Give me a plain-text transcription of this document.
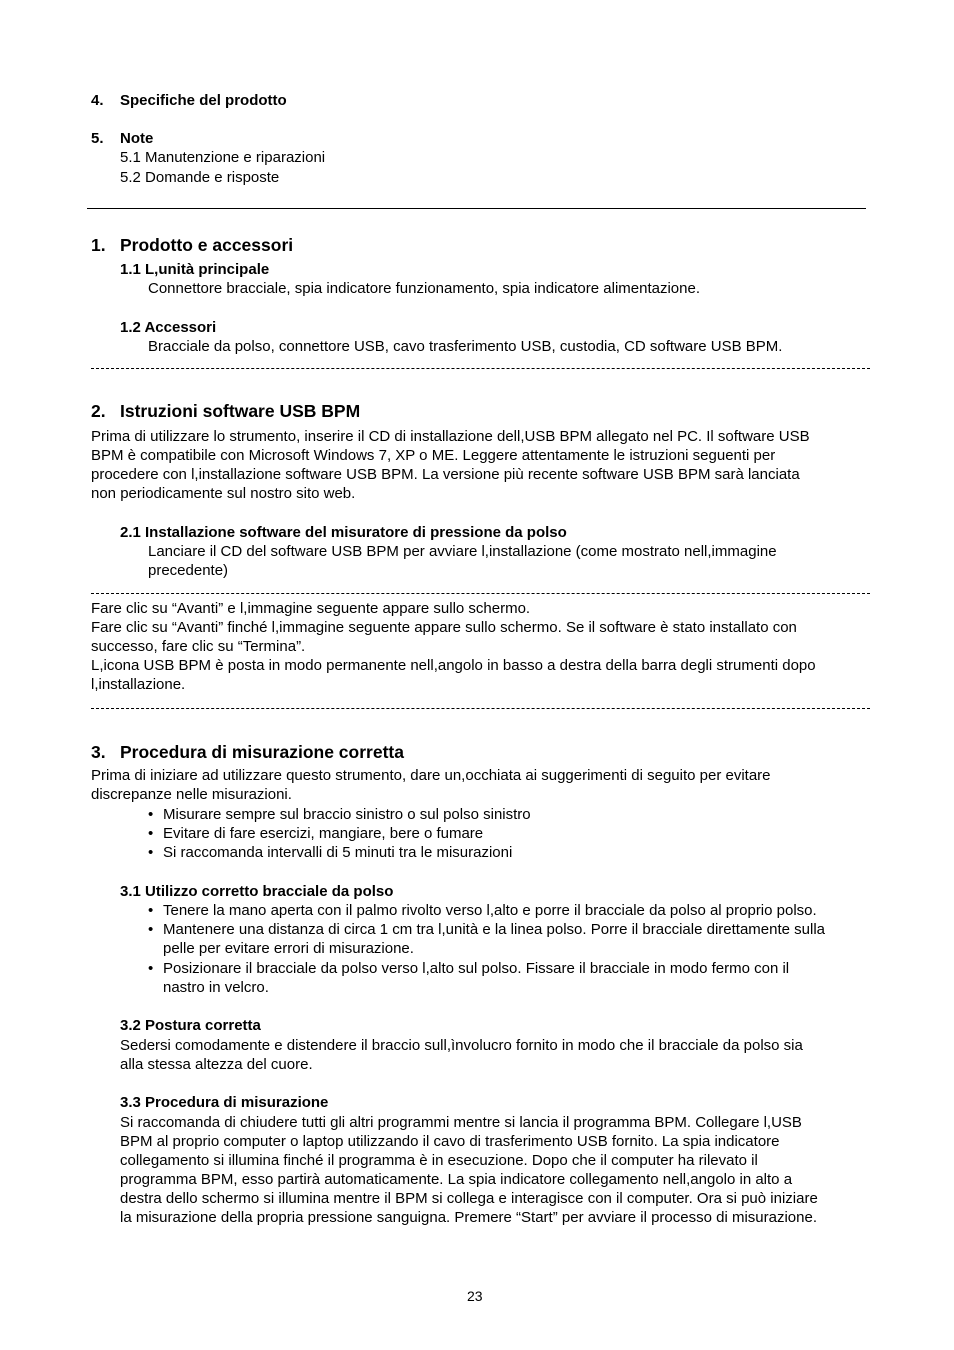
4. Specifiche del prodotto
5. Note
5.1 Manutenzione e riparazioni
5.2 Domande e risposte
1. Prodotto e accessori
1.1 L,unità principale
Connettore bracciale, spia indicatore funzionamento, spia indicatore alimentazione.
1.2 Accessori
Bracciale da polso, connettore USB, cavo trasferimento USB, custodia, CD software USB BPM.
2. Istruzioni software USB BPM
Prima di utilizzare lo strumento, inserire il CD di installazione dell,USB BPM allegato nel PC. Il software USB
BPM è compatibile con Microsoft Windows 7, XP o ME. Leggere attentamente le istruzioni seguenti per
procedere con l,installazione software USB BPM. La versione più recente software USB BPM sarà lanciata
non periodicamente sul nostro sito web.
2.1 Installazione software del misuratore di pressione da polso
Lanciare il CD del software USB BPM per avviare l,installazione (come mostrato nell,immagine
precedente)
Fare clic su “Avanti” e l,immagine seguente appare sullo schermo.
Fare clic su “Avanti” finché l,immagine seguente appare sullo schermo. Se il software è stato installato con
successo, fare clic su “Termina”.
L,icona USB BPM è posta in modo permanente nell,angolo in basso a destra della barra degli strumenti dopo
l,installazione.
3. Procedura di misurazione corretta
Prima di iniziare ad utilizzare questo strumento, dare un,occhiata ai suggerimenti di seguito per evitare
discrepanze nelle misurazioni.
• Misurare sempre sul braccio sinistro o sul polso sinistro
• Evitare di fare esercizi, mangiare, bere o fumare
• Si raccomanda intervalli di 5 minuti tra le misurazioni
3.1 Utilizzo corretto bracciale da polso
• Tenere la mano aperta con il palmo rivolto verso l,alto e porre il bracciale da polso al proprio polso.
• Mantenere una distanza di circa 1 cm tra l,unità e la linea polso. Porre il bracciale direttamente sulla
pelle per evitare errori di misurazione.
• Posizionare il bracciale da polso verso l,alto sul polso. Fissare il bracciale in modo fermo con il
nastro in velcro.
3.2 Postura corretta
Sedersi comodamente e distendere il braccio sull,ìnvolucro fornito in modo che il bracciale da polso sia
alla stessa altezza del cuore.
3.3 Procedura di misurazione
Si raccomanda di chiudere tutti gli altri programmi mentre si lancia il programma BPM. Collegare l,USB
BPM al proprio computer o laptop utilizzando il cavo di trasferimento USB fornito. La spia indicatore
collegamento si illumina finché il programma è in esecuzione. Dopo che il computer ha rilevato il
programma BPM, esso partirà automaticamente. La spia indicatore collegamento nell,angolo in alto a
destra dello schermo si illumina mentre il BPM si collega e interagisce con il computer. Ora si può iniziare
la misurazione della propria pressione sanguigna. Premere “Start” per avviare il processo di misurazione.
23
